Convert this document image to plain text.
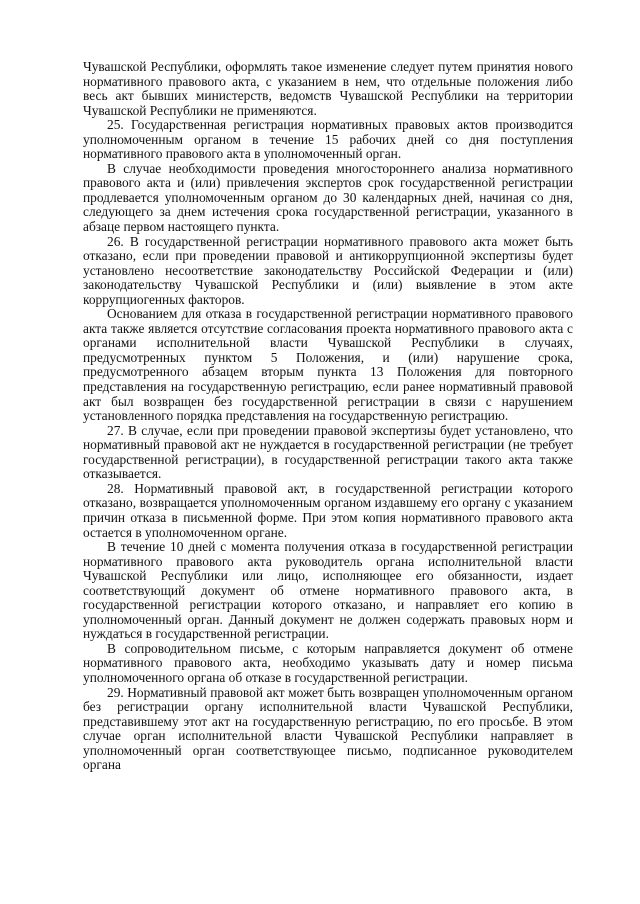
Чувашской Республики, оформлять такое изменение следует путем принятия нового нормативного правового акта, с указанием в нем, что отдельные положения либо весь акт бывших министерств, ведомств Чувашской Республики на территории Чувашской Республики не применяются.

25. Государственная регистрация нормативных правовых актов производится уполномоченным органом в течение 15 рабочих дней со дня поступления нормативного правового акта в уполномоченный орган.

В случае необходимости проведения многостороннего анализа нормативного правового акта и (или) привлечения экспертов срок государственной регистрации продлевается уполномоченным органом до 30 календарных дней, начиная со дня, следующего за днем истечения срока государственной регистрации, указанного в абзаце первом настоящего пункта.

26. В государственной регистрации нормативного правового акта может быть отказано, если при проведении правовой и антикоррупционной экспертизы будет установлено несоответствие законодательству Российской Федерации и (или) законодательству Чувашской Республики и (или) выявление в этом акте коррупциогенных факторов.

Основанием для отказа в государственной регистрации нормативного правового акта также является отсутствие согласования проекта нормативного правового акта с органами исполнительной власти Чувашской Республики в случаях, предусмотренных пунктом 5 Положения, и (или) нарушение срока, предусмотренного абзацем вторым пункта 13 Положения для повторного представления на государственную регистрацию, если ранее нормативный правовой акт был возвращен без государственной регистрации в связи с нарушением установленного порядка представления на государственную регистрацию.

27. В случае, если при проведении правовой экспертизы будет установлено, что нормативный правовой акт не нуждается в государственной регистрации (не требует государственной регистрации), в государственной регистрации такого акта также отказывается.

28. Нормативный правовой акт, в государственной регистрации которого отказано, возвращается уполномоченным органом издавшему его органу с указанием причин отказа в письменной форме. При этом копия нормативного правового акта остается в уполномоченном органе.

В течение 10 дней с момента получения отказа в государственной регистрации нормативного правового акта руководитель органа исполнительной власти Чувашской Республики или лицо, исполняющее его обязанности, издает соответствующий документ об отмене нормативного правового акта, в государственной регистрации которого отказано, и направляет его копию в уполномоченный орган. Данный документ не должен содержать правовых норм и нуждаться в государственной регистрации.

В сопроводительном письме, с которым направляется документ об отмене нормативного правового акта, необходимо указывать дату и номер письма уполномоченного органа об отказе в государственной регистрации.

29. Нормативный правовой акт может быть возвращен уполномоченным органом без регистрации органу исполнительной власти Чувашской Республики, представившему этот акт на государственную регистрацию, по его просьбе. В этом случае орган исполнительной власти Чувашской Республики направляет в уполномоченный орган соответствующее письмо, подписанное руководителем органа
